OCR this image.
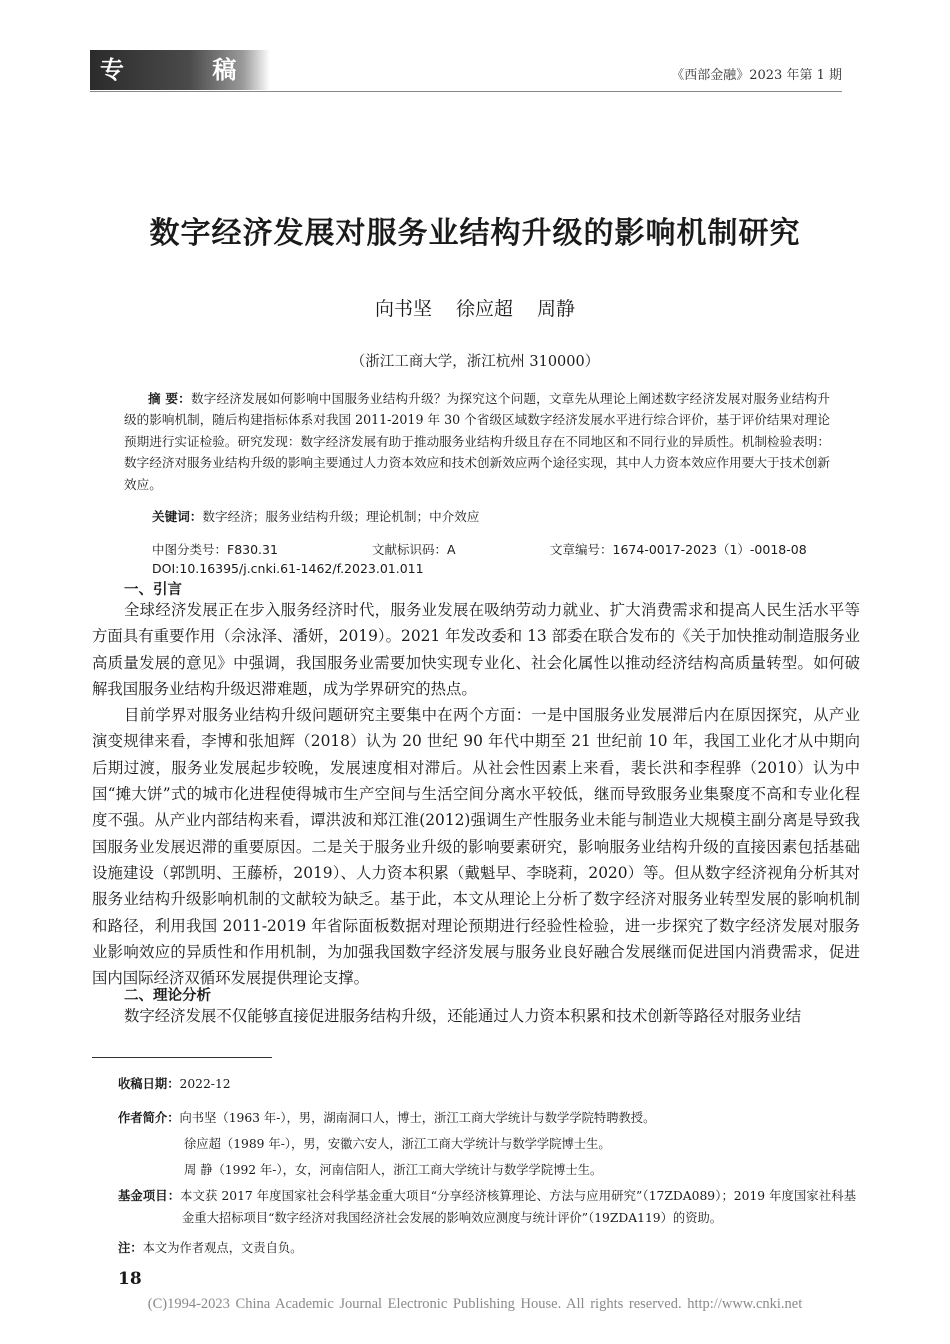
专 稿	《西部金融》2023 年第 1 期
数字经济发展对服务业结构升级的影响机制研究
向书坚 徐应超 周静
（浙江工商大学，浙江杭州 310000）

摘 要：数字经济发展如何影响中国服务业结构升级？为探究这个问题，文章先从理论上阐述数字经济发展对服务业结构升级的影响机制，随后构建指标体系对我国 2011-2019 年 30 个省级区域数字经济发展水平进行综合评价，基于评价结果对理论预期进行实证检验。研究发现：数字经济发展有助于推动服务业结构升级且存在不同地区和不同行业的异质性。机制检验表明：数字经济对服务业结构升级的影响主要通过人力资本效应和技术创新效应两个途径实现，其中人力资本效应作用要大于技术创新效应。

关键词：数字经济；服务业结构升级；理论机制；中介效应
中图分类号：F830.31	文献标识码：A	文章编号：1674-0017-2023（1）-0018-08
DOI:10.16395/j.cnki.61-1462/f.2023.01.011
一、引言

全球经济发展正在步入服务经济时代，服务业发展在吸纳劳动力就业、扩大消费需求和提高人民生活水平等方面具有重要作用（佘泳泽、潘妍，2019）。2021 年发改委和 13 部委在联合发布的《关于加快推动制造服务业高质量发展的意见》中强调，我国服务业需要加快实现专业化、社会化属性以推动经济结构高质量转型。如何破解我国服务业结构升级迟滞难题，成为学界研究的热点。

目前学界对服务业结构升级问题研究主要集中在两个方面：一是中国服务业发展滞后内在原因探究，从产业演变规律来看，李博和张旭辉（2018）认为 20 世纪 90 年代中期至 21 世纪前 10 年，我国工业化才从中期向后期过渡，服务业发展起步较晚，发展速度相对滞后。从社会性因素上来看，裴长洪和李程骅（2010）认为中国“摊大饼”式的城市化进程使得城市生产空间与生活空间分离水平较低，继而导致服务业集聚度不高和专业化程度不强。从产业内部结构来看，谭洪波和郑江淮(2012)强调生产性服务业未能与制造业大规模主副分离是导致我国服务业发展迟滞的重要原因。二是关于服务业升级的影响要素研究，影响服务业结构升级的直接因素包括基础设施建设（郭凯明、王藤桥，2019）、人力资本积累（戴魁早、李晓莉，2020）等。但从数字经济视角分析其对服务业结构升级影响机制的文献较为缺乏。基于此，本文从理论上分析了数字经济对服务业转型发展的影响机制和路径，利用我国 2011-2019 年省际面板数据对理论预期进行经验性检验，进一步探究了数字经济发展对服务业影响效应的异质性和作用机制，为加强我国数字经济发展与服务业良好融合发展继而促进国内消费需求，促进国内国际经济双循环发展提供理论支撑。

二、理论分析

数字经济发展不仅能够直接促进服务结构升级，还能通过人力资本积累和技术创新等路径对服务业结

收稿日期：2022-12
作者简介：向书坚（1963 年-），男，湖南洞口人，博士，浙江工商大学统计与数学学院特聘教授。
徐应超（1989 年-），男，安徽六安人，浙江工商大学统计与数学学院博士生。
周 静（1992 年-），女，河南信阳人，浙江工商大学统计与数学学院博士生。
基金项目：本文获 2017 年度国家社会科学基金重大项目“分享经济核算理论、方法与应用研究”（17ZDA089）；2019 年度国家社科基金重大招标项目“数字经济对我国经济社会发展的影响效应测度与统计评价”（19ZDA119）的资助。
注：本文为作者观点，文责自负。
18
(C)1994-2023 China Academic Journal Electronic Publishing House. All rights reserved. http://www.cnki.net
